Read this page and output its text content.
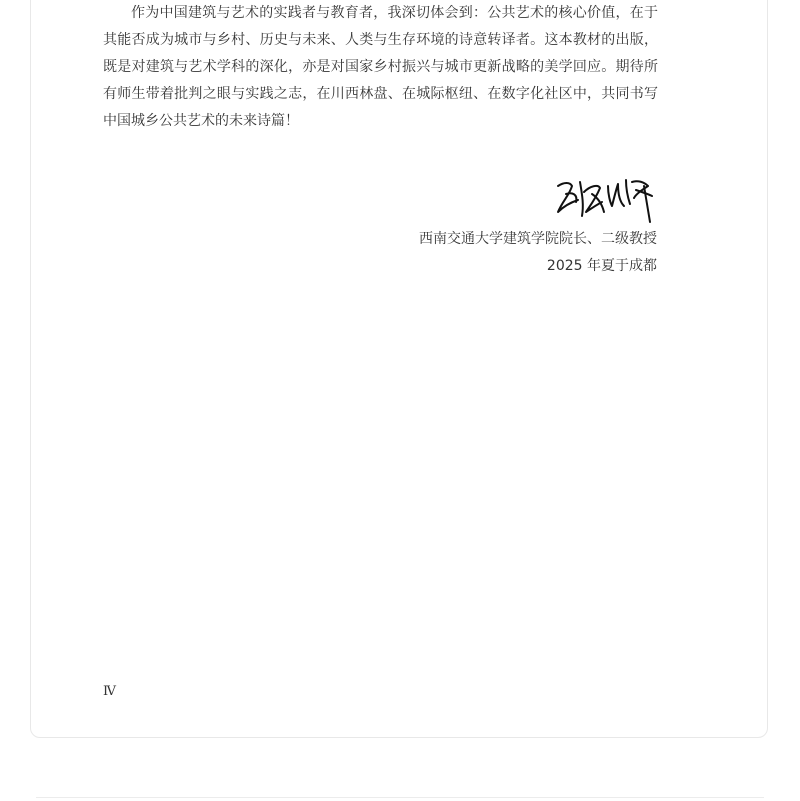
作为中国建筑与艺术的实践者与教育者，我深切体会到：公共艺术的核心价值，在于其能否成为城市与乡村、历史与未来、人类与生存环境的诗意转译者。这本教材的出版，既是对建筑与艺术学科的深化，亦是对国家乡村振兴与城市更新战略的美学回应。期待所有师生带着批判之眼与实践之志，在川西林盘、在城际枢纽、在数字化社区中，共同书写中国城乡公共艺术的未来诗篇！

西南交通大学建筑学院院长、二级教授
2025 年夏于成都
Ⅳ
